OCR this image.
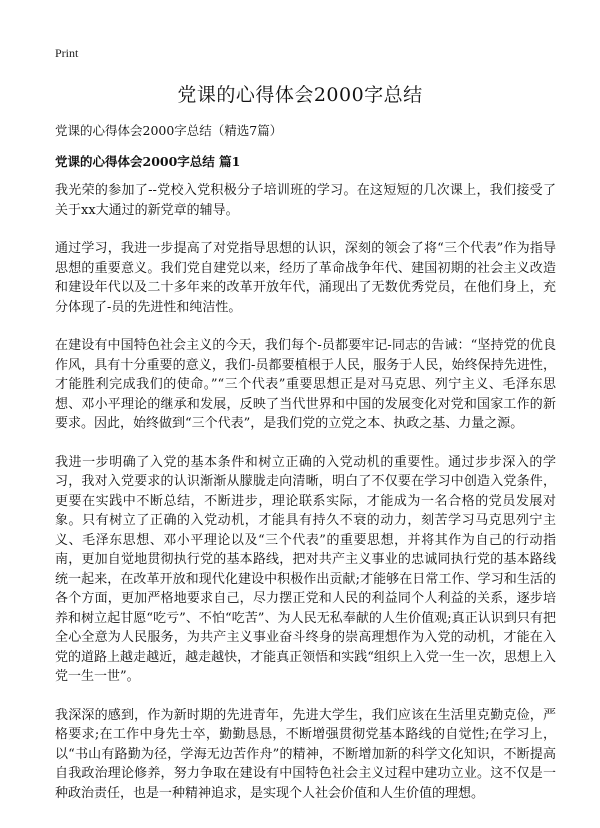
Print
党课的心得体会2000字总结

党课的心得体会2000字总结（精选7篇）

党课的心得体会2000字总结 篇1

我光荣的参加了--党校入党积极分子培训班的学习。在这短短的几次课上，我们接受了关于xx大通过的新党章的辅导。

通过学习，我进一步提高了对党指导思想的认识，深刻的领会了将“三个代表”作为指导思想的重要意义。我们党自建党以来，经历了革命战争年代、建国初期的社会主义改造和建设年代以及二十多年来的改革开放年代，涌现出了无数优秀党员，在他们身上，充分体现了-员的先进性和纯洁性。

在建设有中国特色社会主义的今天，我们每个-员都要牢记-同志的告诫：“坚持党的优良作风，具有十分重要的意义，我们-员都要植根于人民，服务于人民，始终保持先进性，才能胜利完成我们的使命。”“三个代表”重要思想正是对马克思、列宁主义、毛泽东思想、邓小平理论的继承和发展，反映了当代世界和中国的发展变化对党和国家工作的新要求。因此，始终做到“三个代表”，是我们党的立党之本、执政之基、力量之源。

我进一步明确了入党的基本条件和树立正确的入党动机的重要性。通过步步深入的学习，我对入党要求的认识渐渐从朦胧走向清晰，明白了不仅要在学习中创造入党条件，更要在实践中不断总结，不断进步，理论联系实际，才能成为一名合格的党员发展对象。只有树立了正确的入党动机，才能具有持久不衰的动力，刻苦学习马克思列宁主义、毛泽东思想、邓小平理论以及“三个代表”的重要思想，并将其作为自己的行动指南，更加自觉地贯彻执行党的基本路线，把对共产主义事业的忠诚同执行党的基本路线统一起来，在改革开放和现代化建设中积极作出贡献;才能够在日常工作、学习和生活的各个方面，更加严格地要求自己，尽力摆正党和人民的利益同个人利益的关系，逐步培养和树立起甘愿“吃亏”、不怕“吃苦”、为人民无私奉献的人生价值观;真正认识到只有把全心全意为人民服务，为共产主义事业奋斗终身的崇高理想作为入党的动机，才能在入党的道路上越走越近，越走越快，才能真正领悟和实践“组织上入党一生一次，思想上入党一生一世”。

我深深的感到，作为新时期的先进青年，先进大学生，我们应该在生活里克勤克俭，严格要求;在工作中身先士卒，勤勤恳恳，不断增强贯彻党基本路线的自觉性;在学习上，以“书山有路勤为径，学海无边苦作舟”的精神，不断增加新的科学文化知识，不断提高自我政治理论修养，努力争取在建设有中国特色社会主义过程中建功立业。这不仅是一种政治责任，也是一种精神追求，是实现个人社会价值和人生价值的理想。
